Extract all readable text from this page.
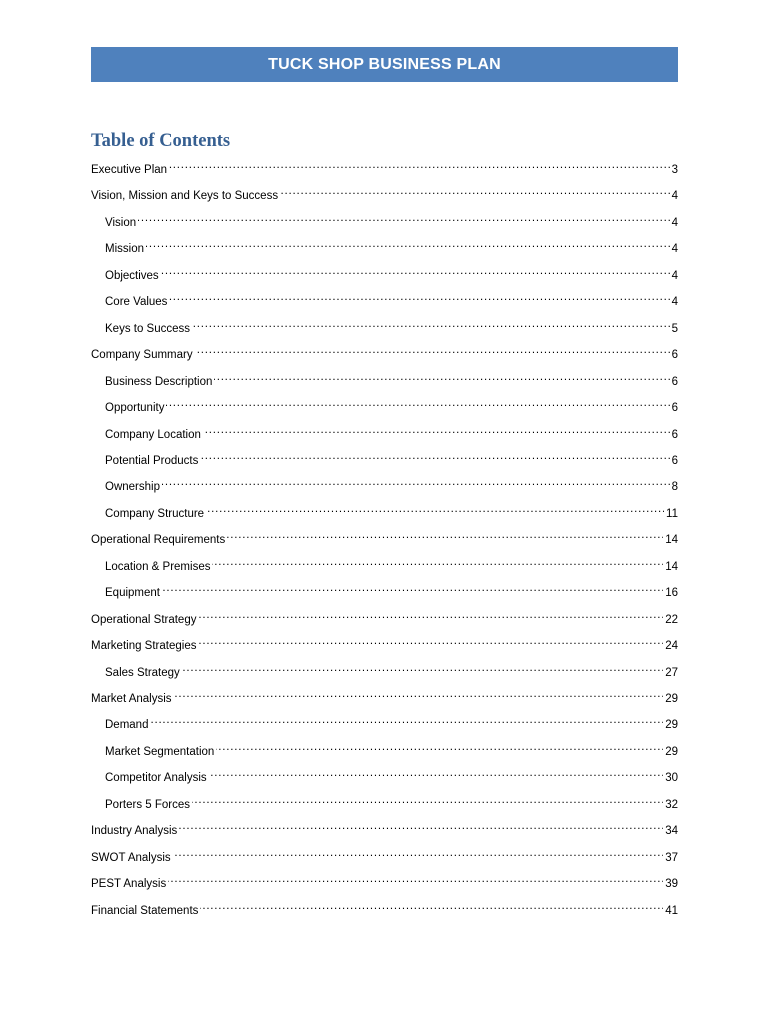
TUCK SHOP BUSINESS PLAN
Table of Contents
Executive Plan . . .	3
Vision, Mission and Keys to Success . . .	4
Vision . . .	4
Mission . . .	4
Objectives . . .	4
Core Values . . .	4
Keys to Success . . .	5
Company Summary . . .	6
Business Description . . .	6
Opportunity . . .	6
Company Location . . .	6
Potential Products . . .	6
Ownership . . .	8
Company Structure . . .	11
Operational Requirements . . .	14
Location & Premises . . .	14
Equipment . . .	16
Operational Strategy . . .	22
Marketing Strategies . . .	24
Sales Strategy . . .	27
Market Analysis . . .	29
Demand . . .	29
Market Segmentation . . .	29
Competitor Analysis . . .	30
Porters 5 Forces . . .	32
Industry Analysis . . .	34
SWOT Analysis . . .	37
PEST Analysis . . .	39
Financial Statements . . .	41
